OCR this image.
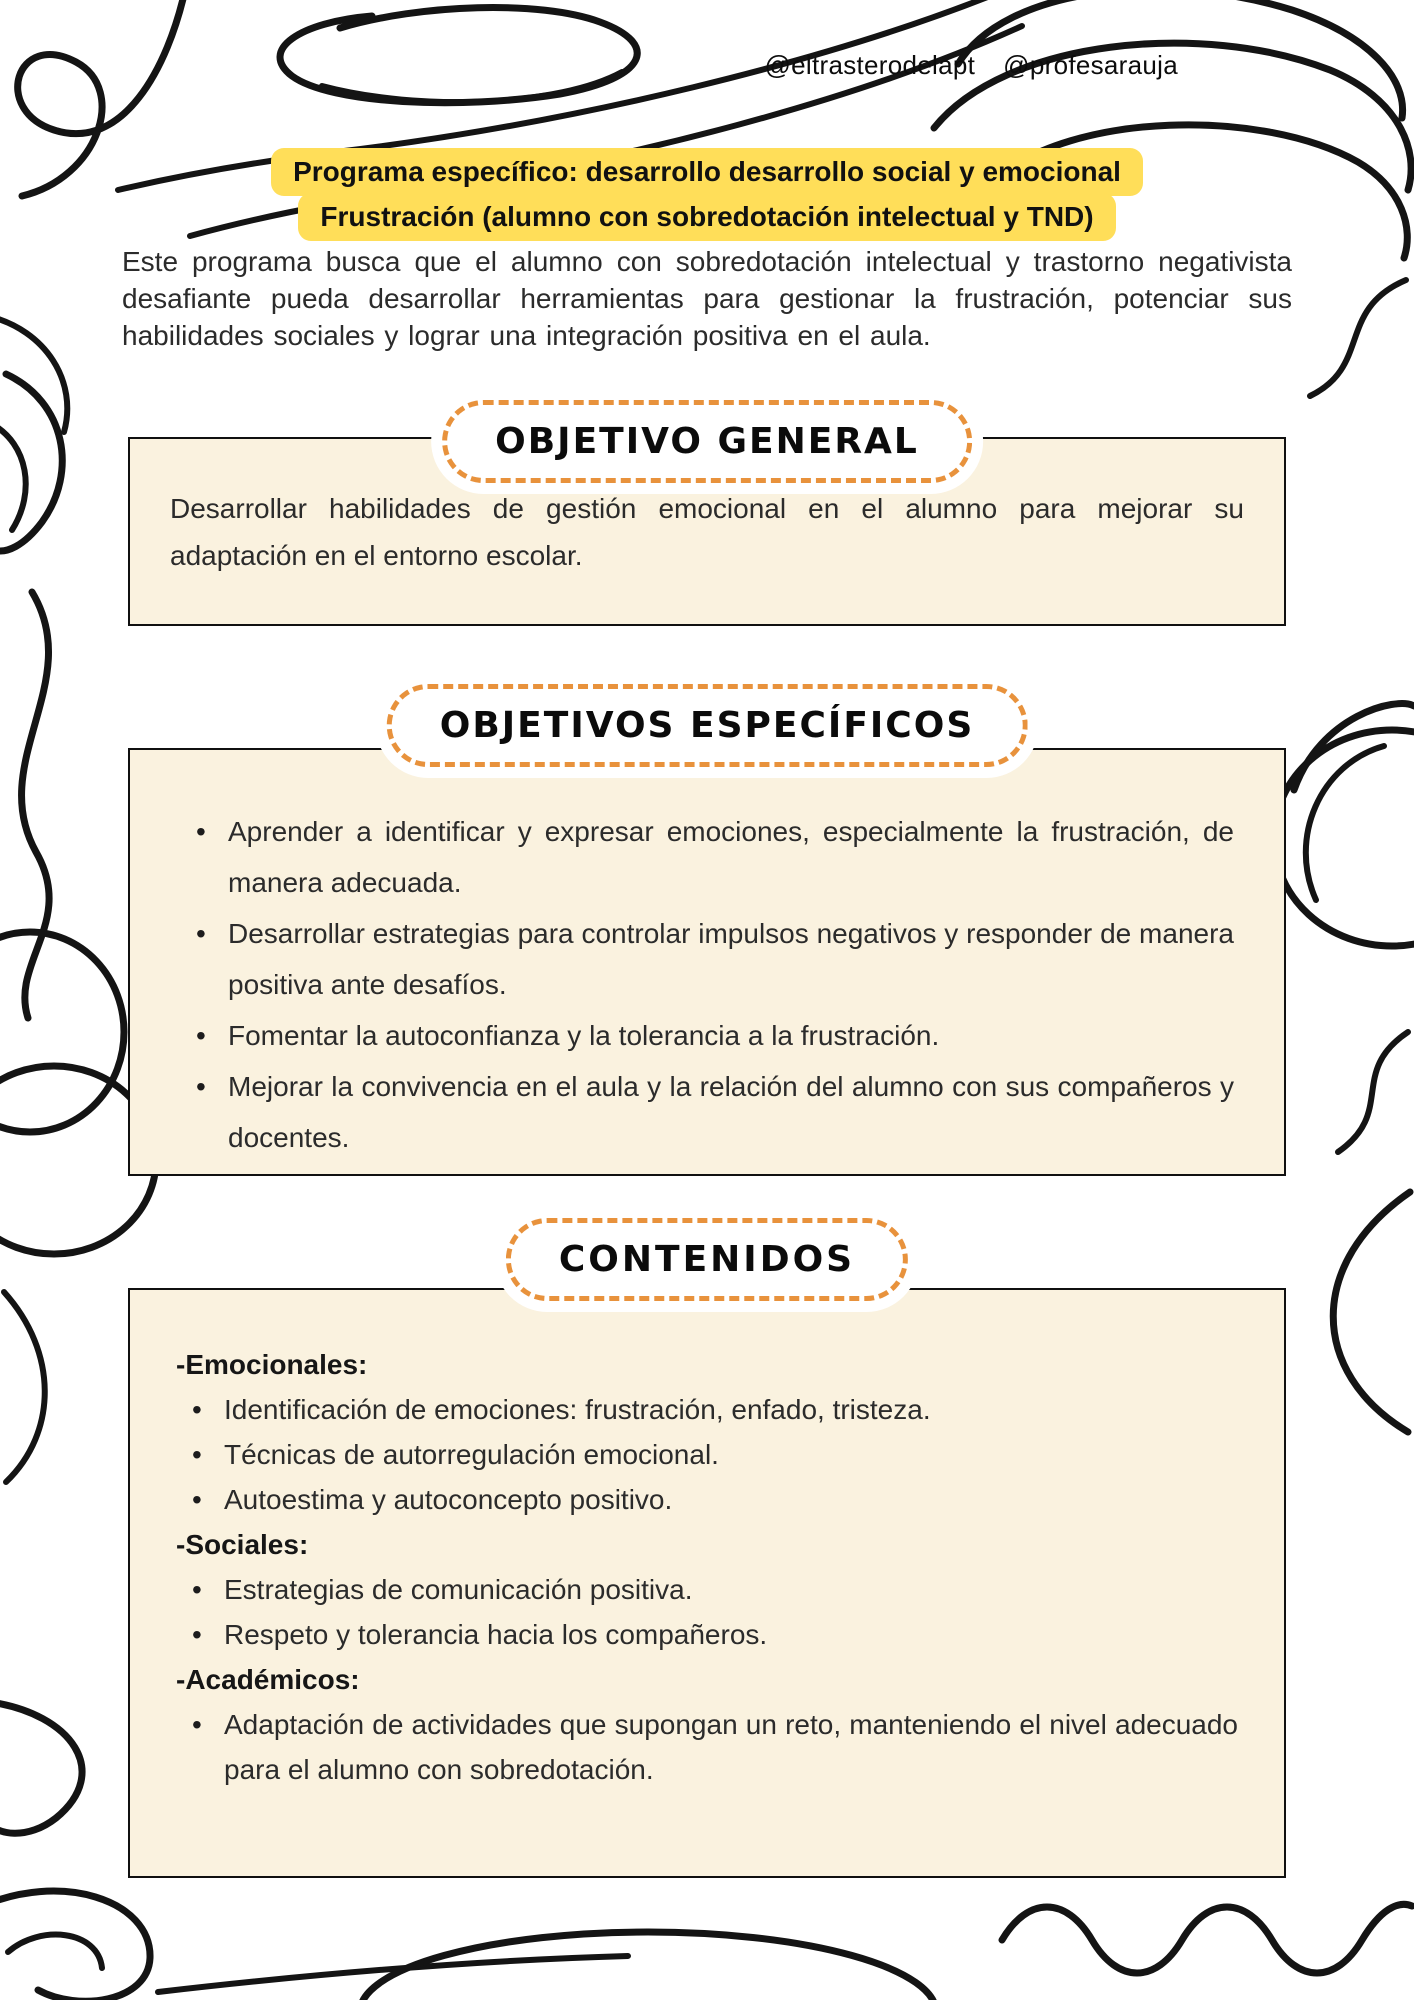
@eltrasterodelapt @profesarauja
Programa específico: desarrollo desarrollo social y emocional
Frustración (alumno con sobredotación intelectual y TND)

Este programa busca que el alumno con sobredotación intelectual y trastorno negativista desafiante pueda desarrollar herramientas para gestionar la frustración, potenciar sus habilidades sociales y lograr una integración positiva en el aula.

OBJETIVO GENERAL

Desarrollar habilidades de gestión emocional en el alumno para mejorar su adaptación en el entorno escolar.

OBJETIVOS ESPECÍFICOS
• Aprender a identificar y expresar emociones, especialmente la frustración, de manera adecuada.
• Desarrollar estrategias para controlar impulsos negativos y responder de manera positiva ante desafíos.
• Fomentar la autoconfianza y la tolerancia a la frustración.
• Mejorar la convivencia en el aula y la relación del alumno con sus compañeros y docentes.
CONTENIDOS
-Emocionales:
• Identificación de emociones: frustración, enfado, tristeza.
• Técnicas de autorregulación emocional.
• Autoestima y autoconcepto positivo.
-Sociales:
• Estrategias de comunicación positiva.
• Respeto y tolerancia hacia los compañeros.
-Académicos:
• Adaptación de actividades que supongan un reto, manteniendo el nivel adecuado para el alumno con sobredotación.
